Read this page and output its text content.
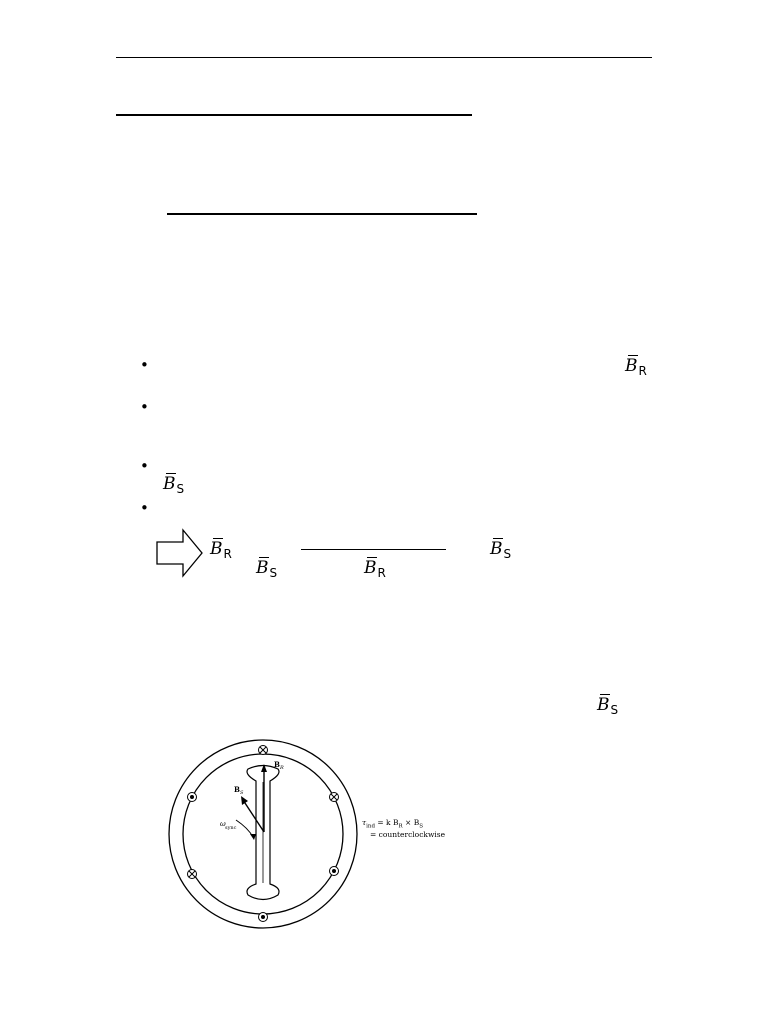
•
•
•
•
$B_R$
$B_S$
$B_R$	$B_S$
$B_S$	$B_R$
$B_S$
B R
B S
ω sync
$\tau_{ind} = k$ $B_R \times B_S$
= counterclockwise
